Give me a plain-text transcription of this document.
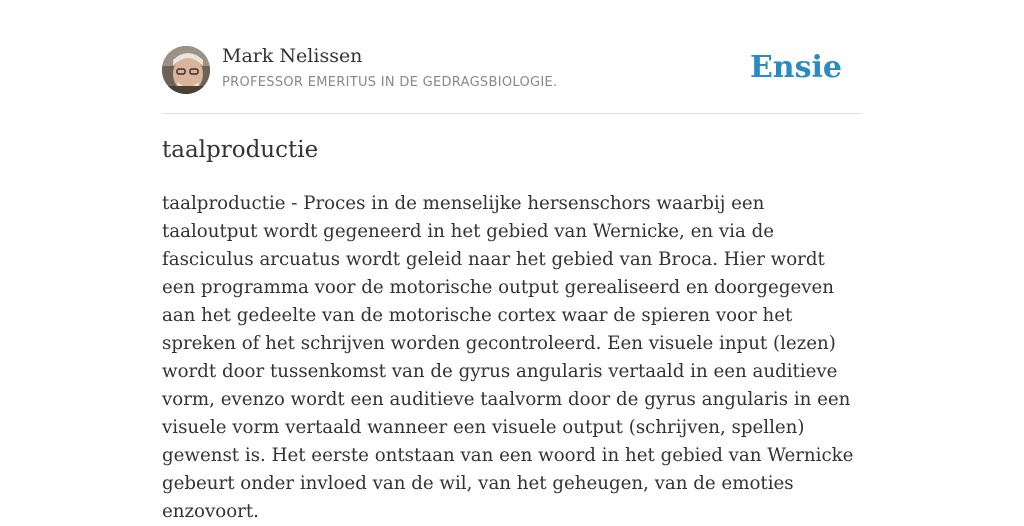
Mark Nelissen
PROFESSOR EMERITUS IN DE GEDRAGSBIOLOGIE.	Ensie
taalproductie

taalproductie - Proces in de menselijke hersenschors waarbij een taaloutput wordt gegeneerd in het gebied van Wernicke, en via de fasciculus arcuatus wordt geleid naar het gebied van Broca. Hier wordt een programma voor de motorische output gerealiseerd en doorgegeven aan het gedeelte van de motorische cortex waar de spieren voor het spreken of het schrijven worden gecontroleerd. Een visuele input (lezen) wordt door tussenkomst van de gyrus angularis vertaald in een auditieve vorm, evenzo wordt een auditieve taalvorm door de gyrus angularis in een visuele vorm vertaald wanneer een visuele output (schrijven, spellen) gewenst is. Het eerste ontstaan van een woord in het gebied van Wernicke gebeurt onder invloed van de wil, van het geheugen, van de emoties enzovoort.
